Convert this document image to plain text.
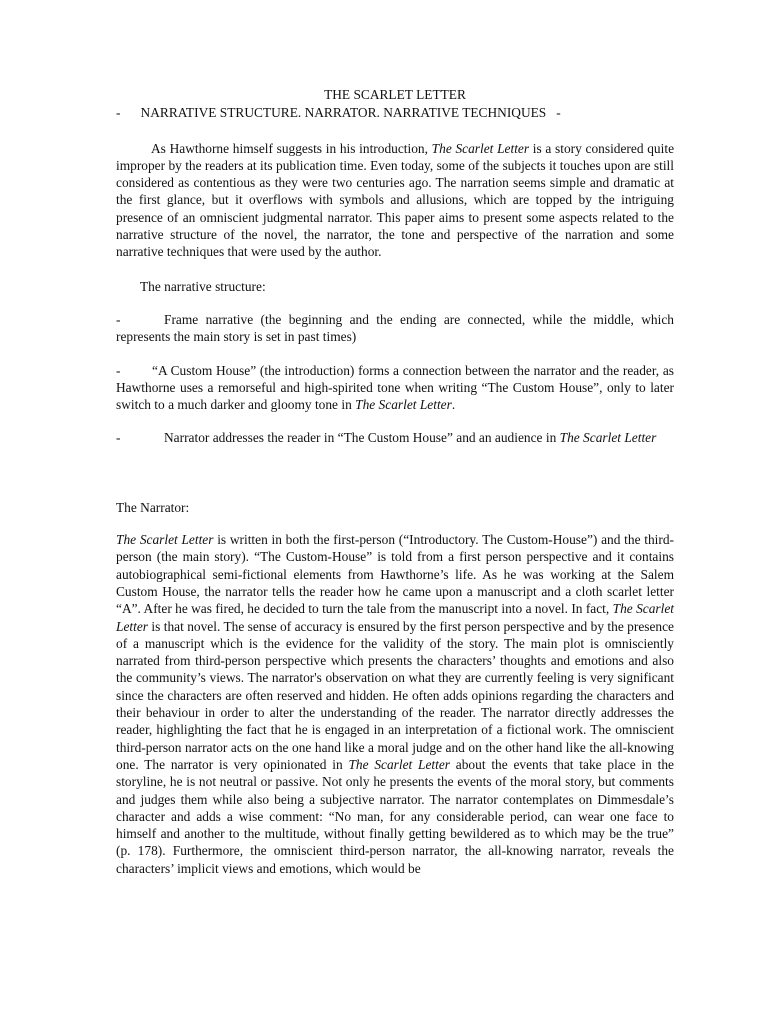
THE SCARLET LETTER
-      NARRATIVE STRUCTURE. NARRATOR. NARRATIVE TECHNIQUES   -

As Hawthorne himself suggests in his introduction, The Scarlet Letter is a story considered quite improper by the readers at its publication time. Even today, some of the subjects it touches upon are still considered as contentious as they were two centuries ago. The narration seems simple and dramatic at the first glance, but it overflows with symbols and allusions, which are topped by the intriguing presence of an omniscient judgmental narrator. This paper aims to present some aspects related to the narrative structure of the novel, the narrator, the tone and perspective of the narration and some narrative techniques that were used by the author.

The narrative structure:

-	Frame narrative (the beginning and the ending are connected, while the middle, which represents the main story is set in past times)

- “A Custom House” (the introduction) forms a connection between the narrator and the reader, as Hawthorne uses a remorseful and high-spirited tone when writing “The Custom House”, only to later switch to a much darker and gloomy tone in The Scarlet Letter.

-	Narrator addresses the reader in “The Custom House” and an audience in The Scarlet Letter

The Narrator:

The Scarlet Letter is written in both the first-person (“Introductory. The Custom-House”) and the third-person (the main story). “The Custom-House” is told from a first person perspective and it contains autobiographical semi-fictional elements from Hawthorne’s life. As he was working at the Salem Custom House, the narrator tells the reader how he came upon a manuscript and a cloth scarlet letter “A”. After he was fired, he decided to turn the tale from the manuscript into a novel. In fact, The Scarlet Letter is that novel. The sense of accuracy is ensured by the first person perspective and by the presence of a manuscript which is the evidence for the validity of the story. The main plot is omnisciently narrated from third-person perspective which presents the characters’ thoughts and emotions and also the community’s views. The narrator's observation on what they are currently feeling is very significant since the characters are often reserved and hidden. He often adds opinions regarding the characters and their behaviour in order to alter the understanding of the reader. The narrator directly addresses the reader, highlighting the fact that he is engaged in an interpretation of a fictional work. The omniscient third-person narrator acts on the one hand like a moral judge and on the other hand like the all-knowing one. The narrator is very opinionated in The Scarlet Letter about the events that take place in the storyline, he is not neutral or passive. Not only he presents the events of the moral story, but comments and judges them while also being a subjective narrator. The narrator contemplates on Dimmesdale’s character and adds a wise comment: “No man, for any considerable period, can wear one face to himself and another to the multitude, without finally getting bewildered as to which may be the true” (p. 178). Furthermore, the omniscient third-person narrator, the all-knowing narrator, reveals the characters’ implicit views and emotions, which would be
